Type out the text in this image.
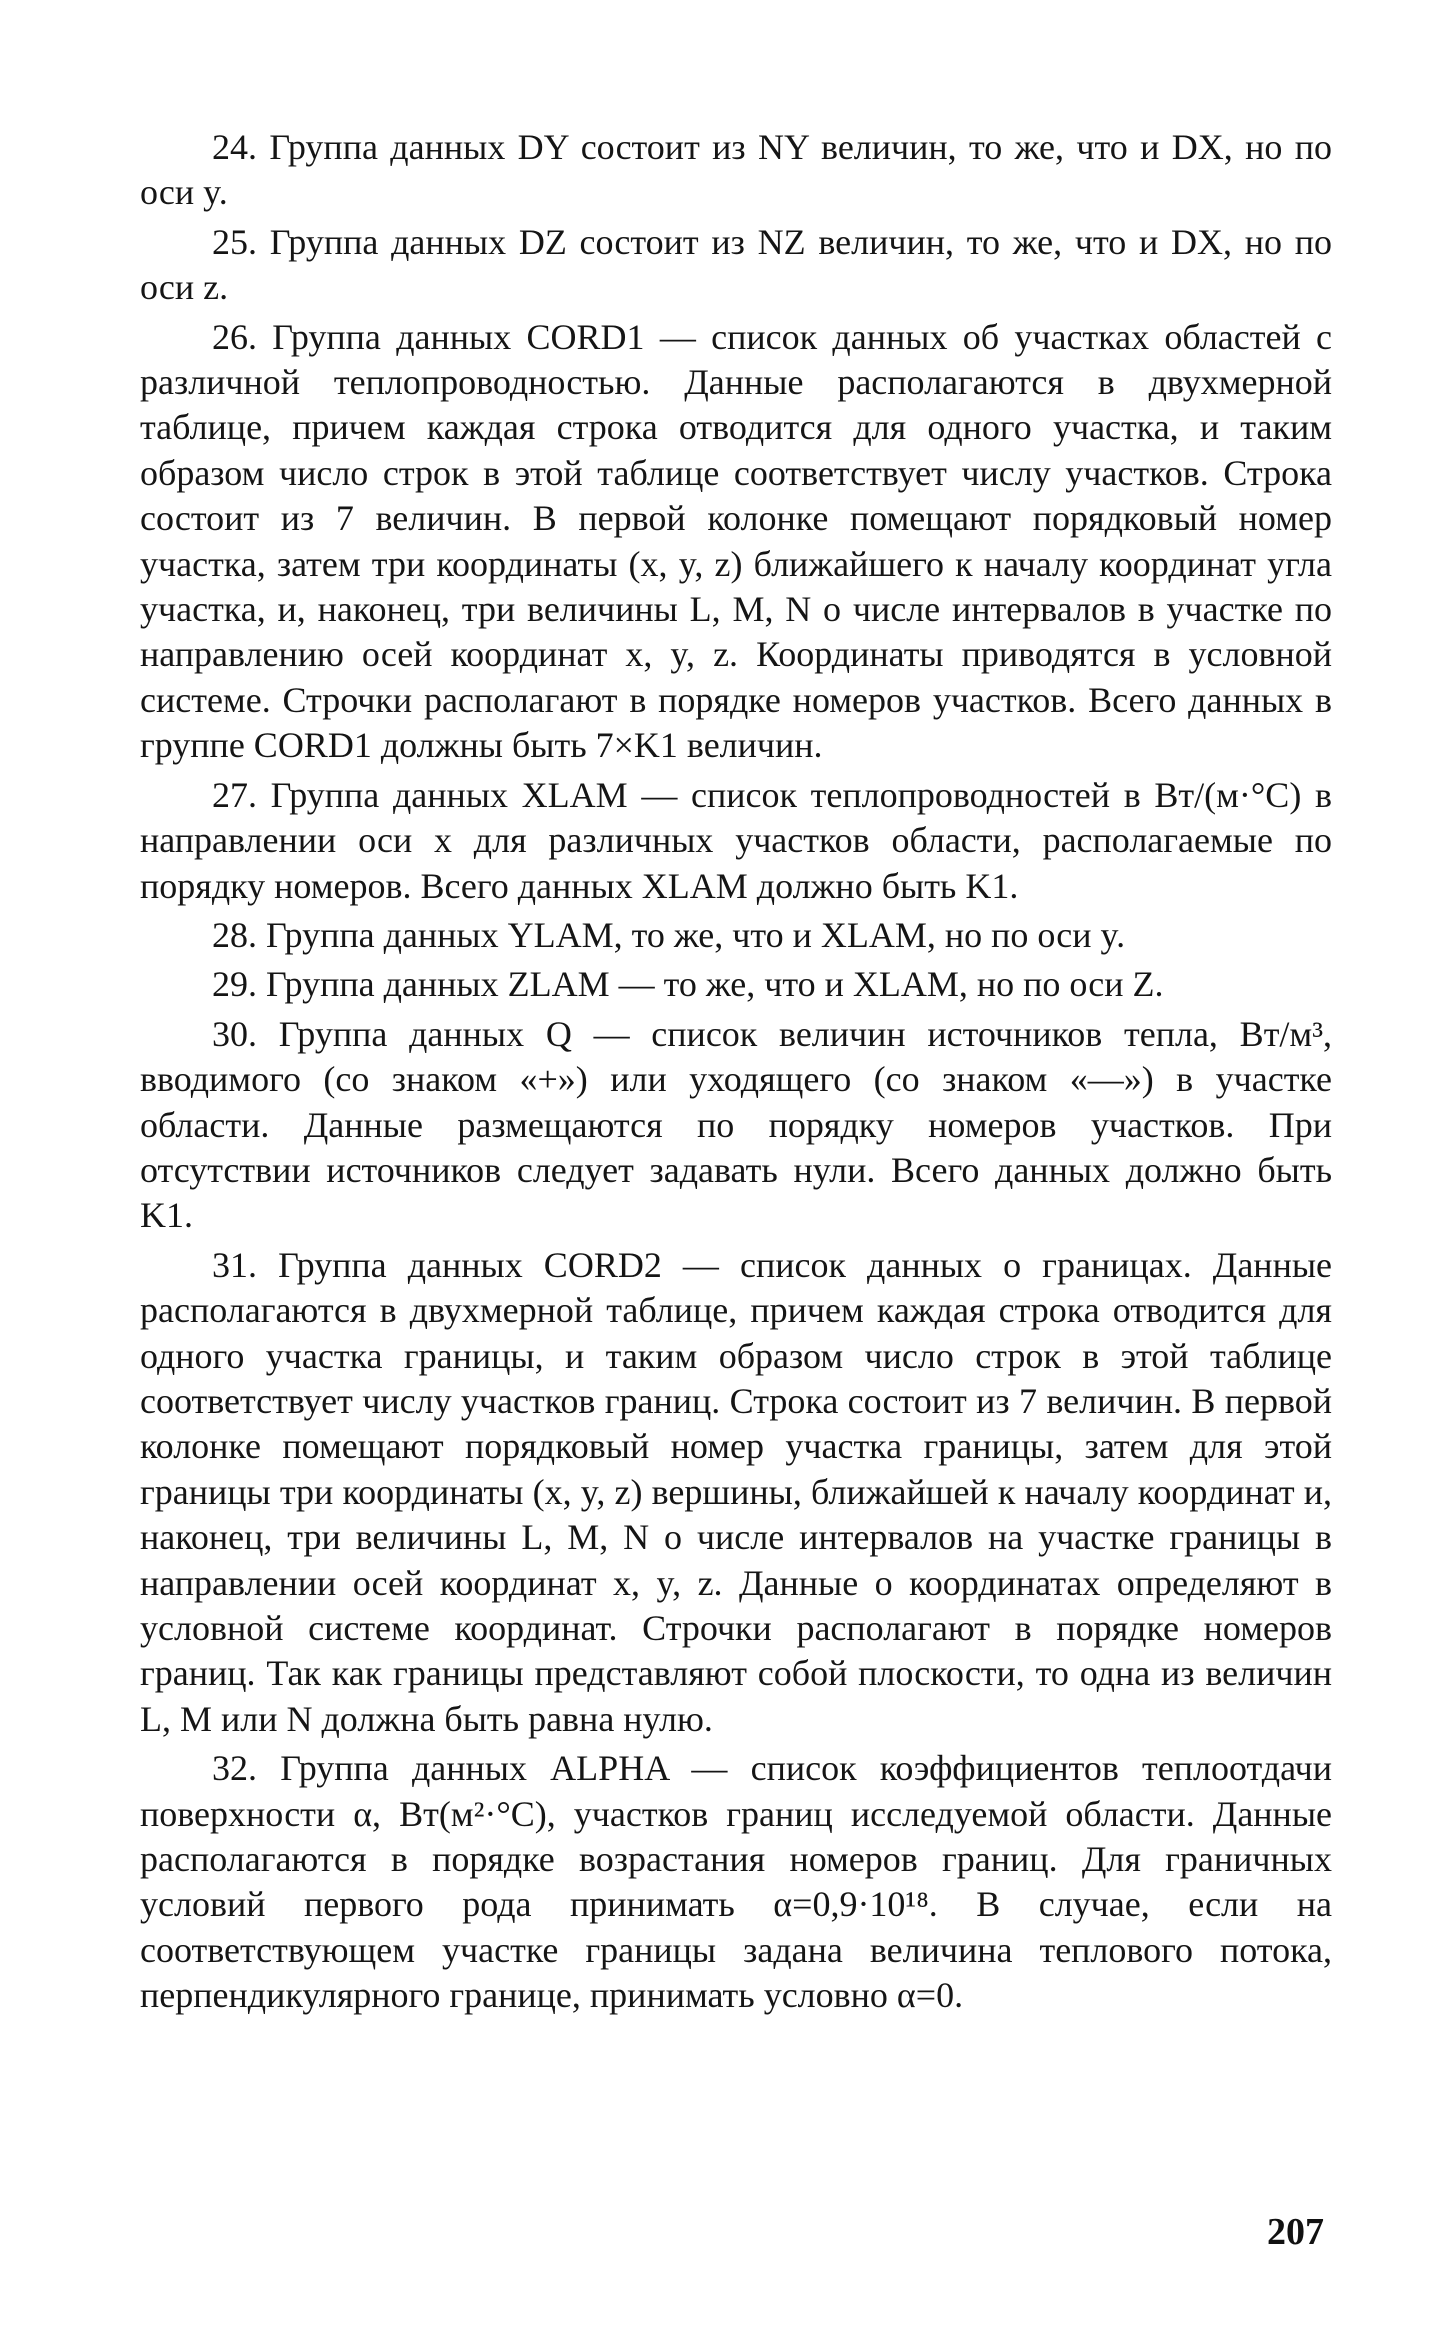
24. Группа данных DY состоит из NY величин, то же, что и DX, но по оси y.

25. Группа данных DZ состоит из NZ величин, то же, что и DX, но по оси z.

26. Группа данных CORD1 — список данных об участках областей с различной теплопроводностью. Данные располагаются в двухмерной таблице, причем каждая строка отводится для одного участка, и таким образом число строк в этой таблице соответствует числу участков. Строка состоит из 7 величин. В первой колонке помещают порядковый номер участка, затем три координаты (x, y, z) ближайшего к началу координат угла участка, и, наконец, три величины L, M, N о числе интервалов в участке по направлению осей координат x, y, z. Координаты приводятся в условной системе. Строчки располагают в порядке номеров участков. Всего данных в группе CORD1 должны быть 7×K1 величин.

27. Группа данных XLAM — список теплопроводностей в Вт/(м·°С) в направлении оси x для различных участков области, располагаемые по порядку номеров. Всего данных XLAM должно быть K1.

28. Группа данных YLAM, то же, что и XLAM, но по оси y.

29. Группа данных ZLAM — то же, что и XLAM, но по оси Z.

30. Группа данных Q — список величин источников тепла, Вт/м³, вводимого (со знаком «+») или уходящего (со знаком «—») в участке области. Данные размещаются по порядку номеров участков. При отсутствии источников следует задавать нули. Всего данных должно быть K1.

31. Группа данных CORD2 — список данных о границах. Данные располагаются в двухмерной таблице, причем каждая строка отводится для одного участка границы, и таким образом число строк в этой таблице соответствует числу участков границ. Строка состоит из 7 величин. В первой колонке помещают порядковый номер участка границы, затем для этой границы три координаты (x, y, z) вершины, ближайшей к началу координат и, наконец, три величины L, M, N о числе интервалов на участке границы в направлении осей координат x, y, z. Данные о координатах определяют в условной системе координат. Строчки располагают в порядке номеров границ. Так как границы представляют собой плоскости, то одна из величин L, M или N должна быть равна нулю.

32. Группа данных ALPHA — список коэффициентов теплоотдачи поверхности α, Вт(м²·°С), участков границ исследуемой области. Данные располагаются в порядке возрастания номеров границ. Для граничных условий первого рода принимать α=0,9·10¹⁸. В случае, если на соответствующем участке границы задана величина теплового потока, перпендикулярного границе, принимать условно α=0.

207
